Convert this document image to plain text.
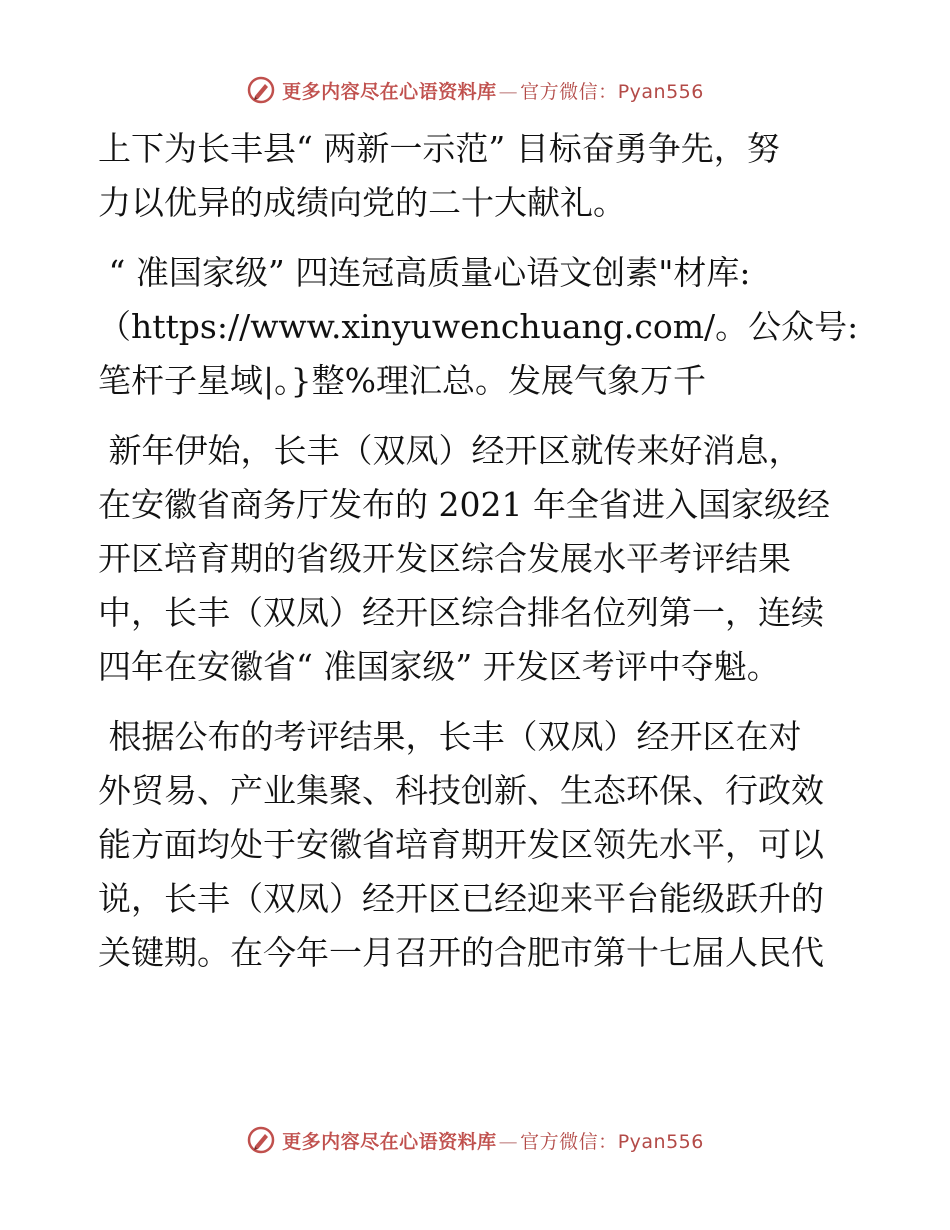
更多内容尽在心语资料库 — 官方微信：Pyan556
上下为长丰县“ 两新一示范” 目标奋勇争先，努
力以优异的成绩向党的二十大献礼。
“ 准国家级” 四连冠高质量心语文创素"材库:
（https://www.xinyuwenchuang.com/。公众号:
笔杆子星域|。}整%理汇总。发展气象万千
新年伊始，长丰（双凤）经开区就传来好消息，
在安徽省商务厅发布的 2021 年全省进入国家级经
开区培育期的省级开发区综合发展水平考评结果
中，长丰（双凤）经开区综合排名位列第一，连续
四年在安徽省“ 准国家级” 开发区考评中夺魁。
根据公布的考评结果，长丰（双凤）经开区在对
外贸易、产业集聚、科技创新、生态环保、行政效
能方面均处于安徽省培育期开发区领先水平，可以
说，长丰（双凤）经开区已经迎来平台能级跃升的
关键期。在今年一月召开的合肥市第十七届人民代
更多内容尽在心语资料库 — 官方微信：Pyan556
